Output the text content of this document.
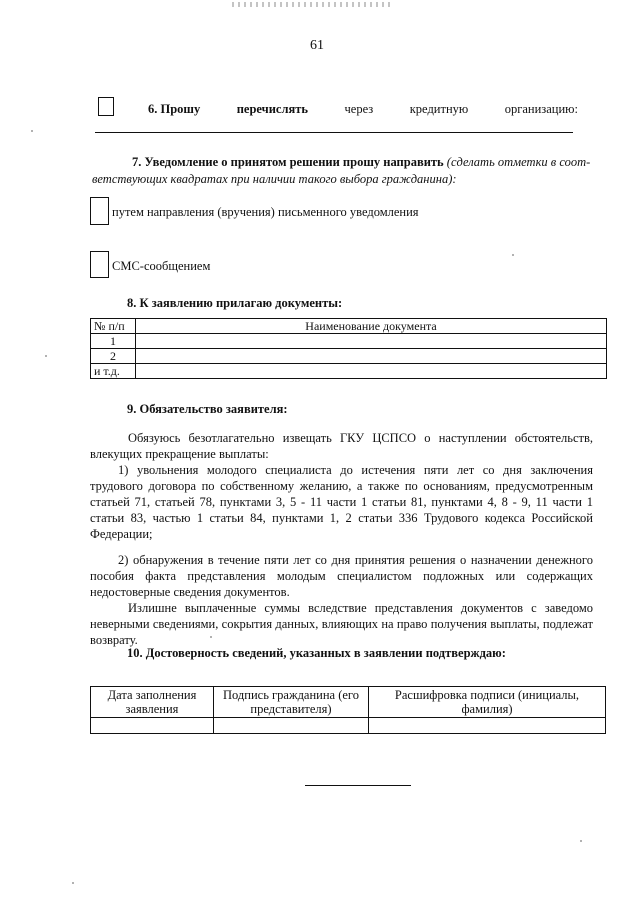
61
6. Прошу	перечислять	через	кредитную	организацию:
7. Уведомление о принятом решении прошу направить (сделать отметки в соот-
ветствующих квадратах при наличии такого выбора гражданина):
путем направления (вручения) письменного уведомления
СМС-сообщением
8. К заявлению прилагаю документы:
№ п/п	Наименование документа
1	
2	
и т.д.	
9. Обязательство заявителя:

Обязуюсь безотлагательно извещать ГКУ ЦСПСО о наступлении обстоятельств, влекущих прекращение выплаты:

1) увольнения молодого специалиста до истечения пяти лет со дня заключения трудового договора по собственному желанию, а также по основаниям, предусмотренным статьей 71, статьей 78, пунктами 3, 5 - 11 части 1 статьи 81, пунктами 4, 8 - 9, 11 части 1 статьи 83, частью 1 статьи 84, пунктами 1, 2 статьи 336 Трудового кодекса Российской Федерации;

2) обнаружения в течение пяти лет со дня принятия решения о назначении денежного пособия факта представления молодым специалистом подложных или содержащих недостоверные сведения документов.

Излишне выплаченные суммы вследствие представления документов с заведомо неверными сведениями, сокрытия данных, влияющих на право получения выплаты, подлежат возврату.

10. Достоверность сведений, указанных в заявлении подтверждаю:
Дата заполнения заявления	Подпись гражданина (его представителя)	Расшифровка подписи (инициалы, фамилия)
